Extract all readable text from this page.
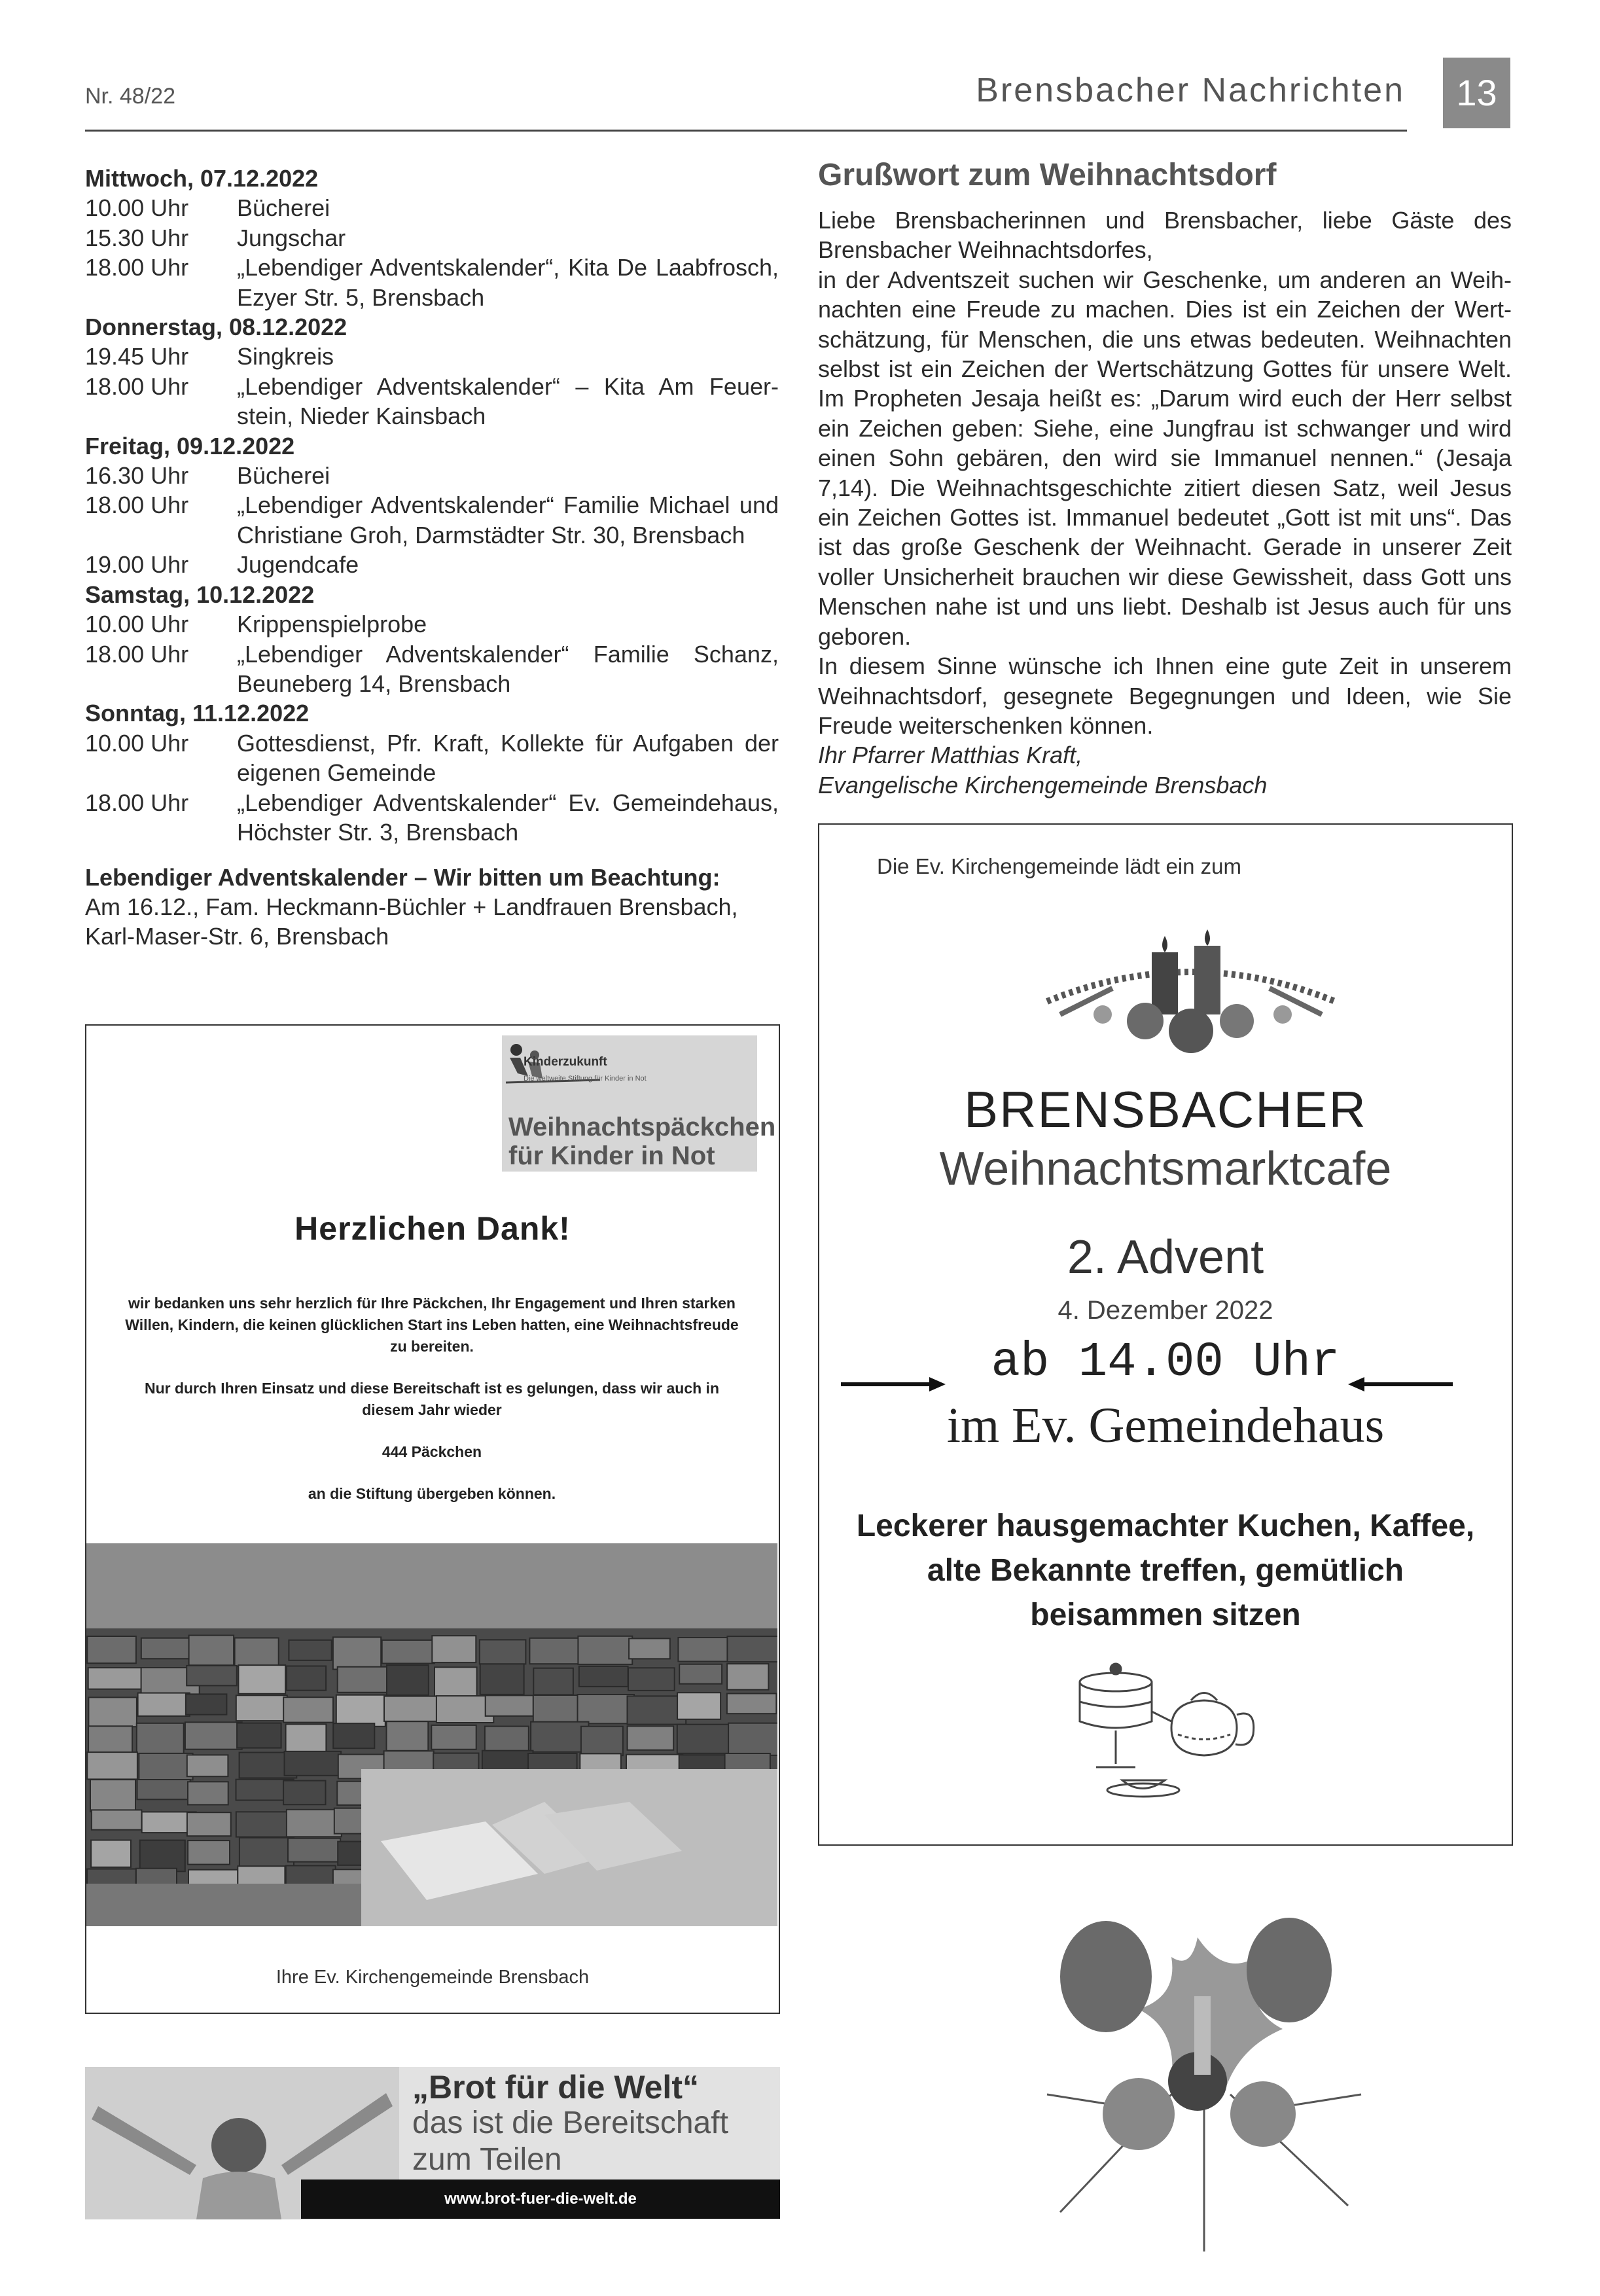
Nr. 48/22	Brensbacher Nachrichten	13
Mittwoch, 07.12.2022
10.00 Uhr	Bücherei
15.30 Uhr	Jungschar
18.00 Uhr	„Lebendiger Adventskalender“, Kita De Laabfrosch, Ezyer Str. 5, Brensbach
Donnerstag, 08.12.2022
19.45 Uhr	Singkreis
18.00 Uhr	„Lebendiger Adventskalender“ – Kita Am Feuerstein, Nieder Kainsbach
Freitag, 09.12.2022
16.30 Uhr	Bücherei
18.00 Uhr	„Lebendiger Adventskalender“ Familie Michael und Christiane Groh, Darmstädter Str. 30, Brensbach
19.00 Uhr	Jugendcafe
Samstag, 10.12.2022
10.00 Uhr	Krippenspielprobe
18.00 Uhr	„Lebendiger Adventskalender“ Familie Schanz, Beuneberg 14, Brensbach
Sonntag, 11.12.2022
10.00 Uhr	Gottesdienst, Pfr. Kraft, Kollekte für Aufgaben der eigenen Gemeinde
18.00 Uhr	„Lebendiger Adventskalender“ Ev. Gemeindehaus, Höchster Str. 3, Brensbach
Lebendiger Adventskalender – Wir bitten um Beachtung:
Am 16.12., Fam. Heckmann-Büchler + Landfrauen Brensbach, Karl-Maser-Str. 6, Brensbach
Grußwort zum Weihnachtsdorf

Liebe Brensbacherinnen und Brensbacher, liebe Gäste des Brensbacher Weihnachtsdorfes,

in der Adventszeit suchen wir Geschenke, um anderen an Weihnachten eine Freude zu machen. Dies ist ein Zeichen der Wertschätzung, für Menschen, die uns etwas bedeuten. Weihnachten selbst ist ein Zeichen der Wertschätzung Gottes für unsere Welt. Im Propheten Jesaja heißt es: „Darum wird euch der Herr selbst ein Zeichen geben: Siehe, eine Jungfrau ist schwanger und wird einen Sohn gebären, den wird sie Immanuel nennen.“ (Jesaja 7,14). Die Weihnachtsgeschichte zitiert diesen Satz, weil Jesus ein Zeichen Gottes ist. Immanuel bedeutet „Gott ist mit uns“. Das ist das große Geschenk der Weihnacht. Gerade in unserer Zeit voller Unsicherheit brauchen wir diese Gewissheit, dass Gott uns Menschen nahe ist und uns liebt. Deshalb ist Jesus auch für uns geboren.

In diesem Sinne wünsche ich Ihnen eine gute Zeit in unserem Weihnachtsdorf, gesegnete Begegnungen und Ideen, wie Sie Freude weiterschenken können.

Ihr Pfarrer Matthias Kraft,
Evangelische Kirchengemeinde Brensbach
Kinderzukunft
Die weltweite Stiftung für Kinder in Not
Weihnachtspäckchen für Kinder in Not
Herzlichen Dank!

wir bedanken uns sehr herzlich für Ihre Päckchen, Ihr Engagement und Ihren starken Willen, Kindern, die keinen glücklichen Start ins Leben hatten, eine Weihnachtsfreude zu bereiten.

Nur durch Ihren Einsatz und diese Bereitschaft ist es gelungen, dass wir auch in diesem Jahr wieder

444 Päckchen

an die Stiftung übergeben können.

Ihre Ev. Kirchengemeinde Brensbach
„Brot für die Welt“
das ist die Bereitschaft
zum Teilen
www.brot-fuer-die-welt.de
Die Ev. Kirchengemeinde lädt ein zum
BRENSBACHER
Weihnachtsmarktcafe
2. Advent
4. Dezember 2022
ab 14.00 Uhr
im Ev. Gemeindehaus
Leckerer hausgemachter Kuchen, Kaffee,
alte Bekannte treffen, gemütlich
beisammen sitzen
